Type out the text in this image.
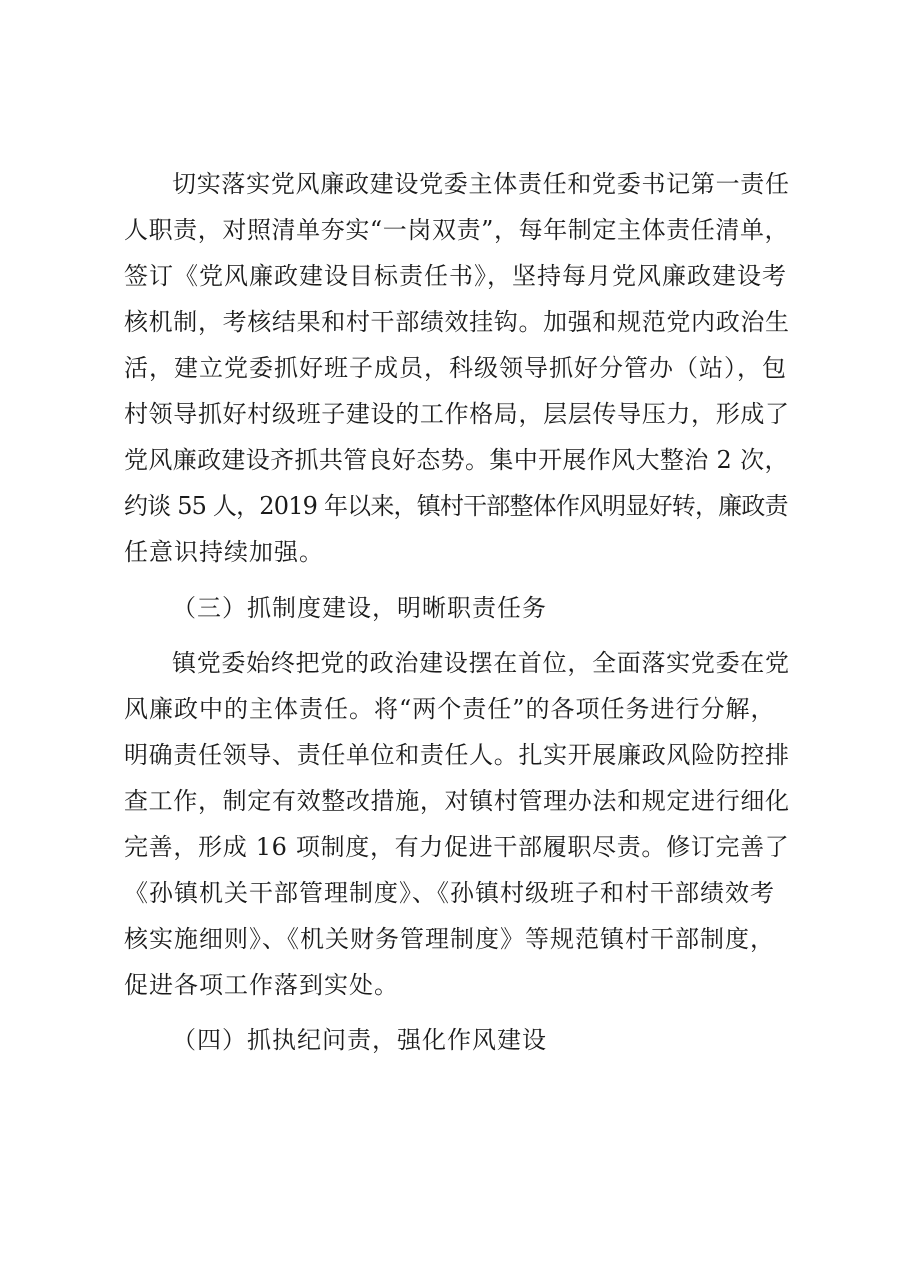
切实落实党风廉政建设党委主体责任和党委书记第一责任
人职责，对照清单夯实“一岗双责”，每年制定主体责任清单，
签订《党风廉政建设目标责任书》，坚持每月党风廉政建设考
核机制，考核结果和村干部绩效挂钩。加强和规范党内政治生
活，建立党委抓好班子成员，科级领导抓好分管办（站），包
村领导抓好村级班子建设的工作格局，层层传导压力，形成了
党风廉政建设齐抓共管良好态势。集中开展作风大整治 2 次，
约谈 55 人，2019 年以来，镇村干部整体作风明显好转，廉政责
任意识持续加强。
（三）抓制度建设，明晰职责任务
镇党委始终把党的政治建设摆在首位，全面落实党委在党
风廉政中的主体责任。将“两个责任”的各项任务进行分解，
明确责任领导、责任单位和责任人。扎实开展廉政风险防控排
查工作，制定有效整改措施，对镇村管理办法和规定进行细化
完善，形成 16 项制度，有力促进干部履职尽责。修订完善了
《孙镇机关干部管理制度》、《孙镇村级班子和村干部绩效考
核实施细则》、《机关财务管理制度》等规范镇村干部制度，
促进各项工作落到实处。
（四）抓执纪问责，强化作风建设
